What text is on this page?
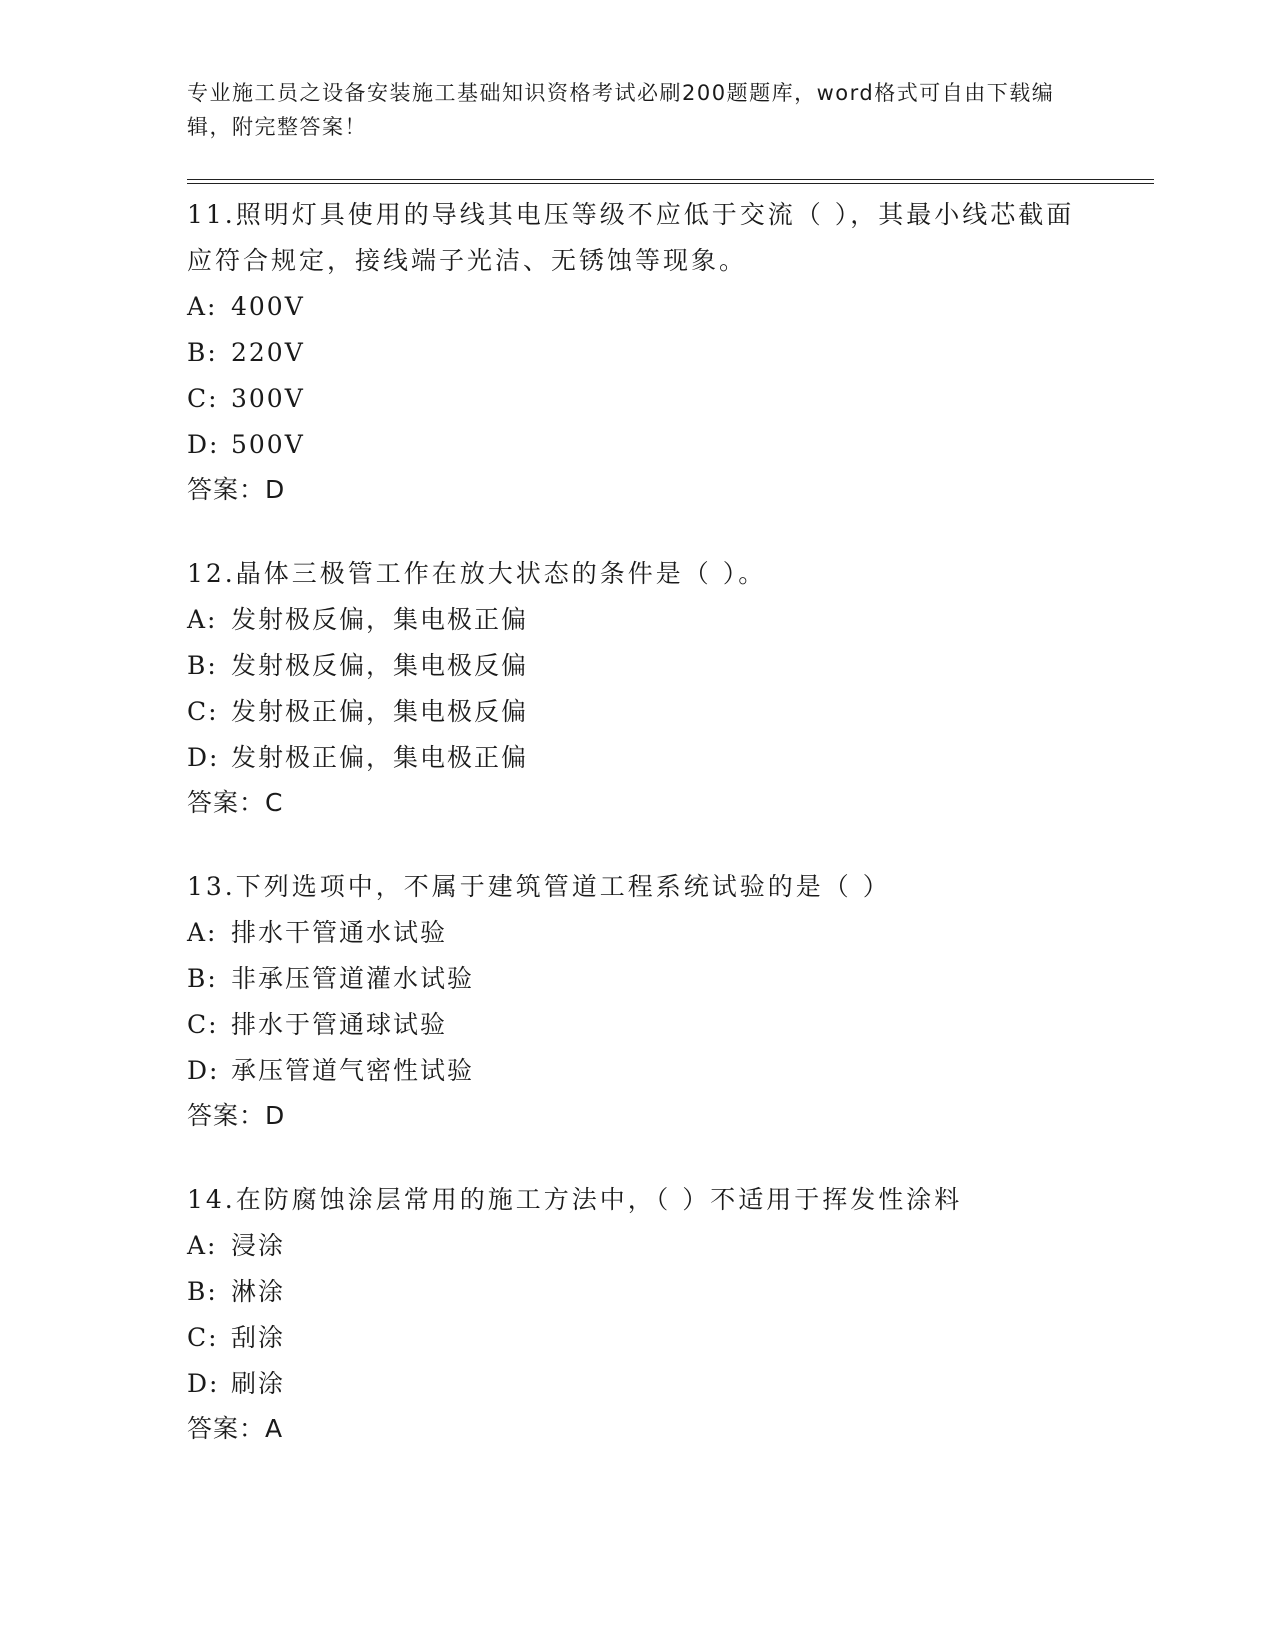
专业施工员之设备安装施工基础知识资格考试必刷200题题库，word格式可自由下载编辑，附完整答案！

11.照明灯具使用的导线其电压等级不应低于交流（ ），其最小线芯截面应符合规定，接线端子光洁、无锈蚀等现象。

A: 400V

B: 220V

C: 300V

D: 500V

答案：D

12.晶体三极管工作在放大状态的条件是（ ）。

A: 发射极反偏，集电极正偏

B: 发射极反偏，集电极反偏

C: 发射极正偏，集电极反偏

D: 发射极正偏，集电极正偏

答案：C

13.下列选项中，不属于建筑管道工程系统试验的是（ ）

A: 排水干管通水试验

B: 非承压管道灌水试验

C: 排水于管通球试验

D: 承压管道气密性试验

答案：D

14.在防腐蚀涂层常用的施工方法中，（ ）不适用于挥发性涂料

A: 浸涂

B: 淋涂

C: 刮涂

D: 刷涂

答案：A
